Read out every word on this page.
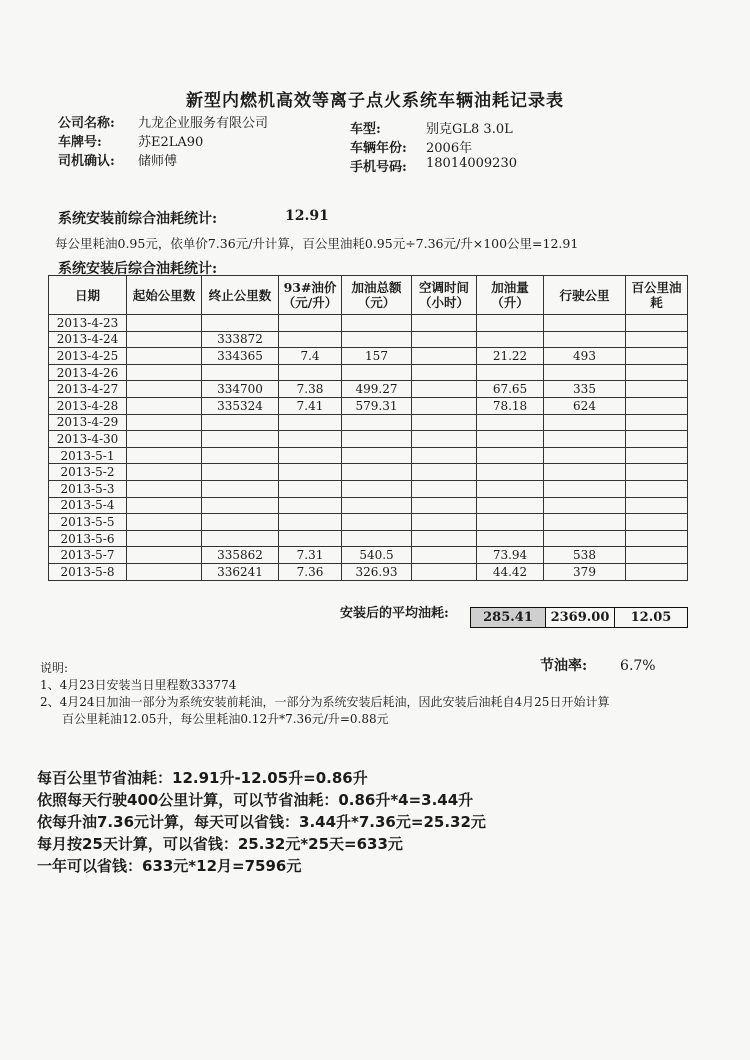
新型内燃机高效等离子点火系统车辆油耗记录表
公司名称: 九龙企业服务有限公司
车牌号:	苏E2LA90
司机确认: 储师傅
车型:	别克GL8 3.0L
车辆年份: 2006年
手机号码: 18014009230
系统安装前综合油耗统计:	12.91
每公里耗油0.95元，依单价7.36元/升计算，百公里油耗0.95元÷7.36元/升×100公里=12.91
系统安装后综合油耗统计:
日期	起始公里数	终止公里数	93#油价（元/升）	加油总额（元）	空调时间（小时）	加油量（升）	行驶公里	百公里油耗
2013-4-23								
2013-4-24		333872						
2013-4-25		334365	7.4	157		21.22	493	
2013-4-26								
2013-4-27		334700	7.38	499.27		67.65	335	
2013-4-28		335324	7.41	579.31		78.18	624	
2013-4-29								
2013-4-30								
2013-5-1								
2013-5-2								
2013-5-3								
2013-5-4								
2013-5-5								
2013-5-6								
2013-5-7		335862	7.31	540.5		73.94	538	
2013-5-8		336241	7.36	326.93		44.42	379	
安装后的平均油耗:	285.41	2369.00	12.05
节油率: 6.7%
说明:
1、4月23日安装当日里程数333774
2、4月24日加油一部分为系统安装前耗油，一部分为系统安装后耗油，因此安装后油耗自4月25日开始计算
百公里耗油12.05升，每公里耗油0.12升*7.36元/升=0.88元
每百公里节省油耗：12.91升-12.05升=0.86升
依照每天行驶400公里计算，可以节省油耗：0.86升*4=3.44升
依每升油7.36元计算，每天可以省钱：3.44升*7.36元=25.32元
每月按25天计算，可以省钱：25.32元*25天=633元
一年可以省钱：633元*12月=7596元
